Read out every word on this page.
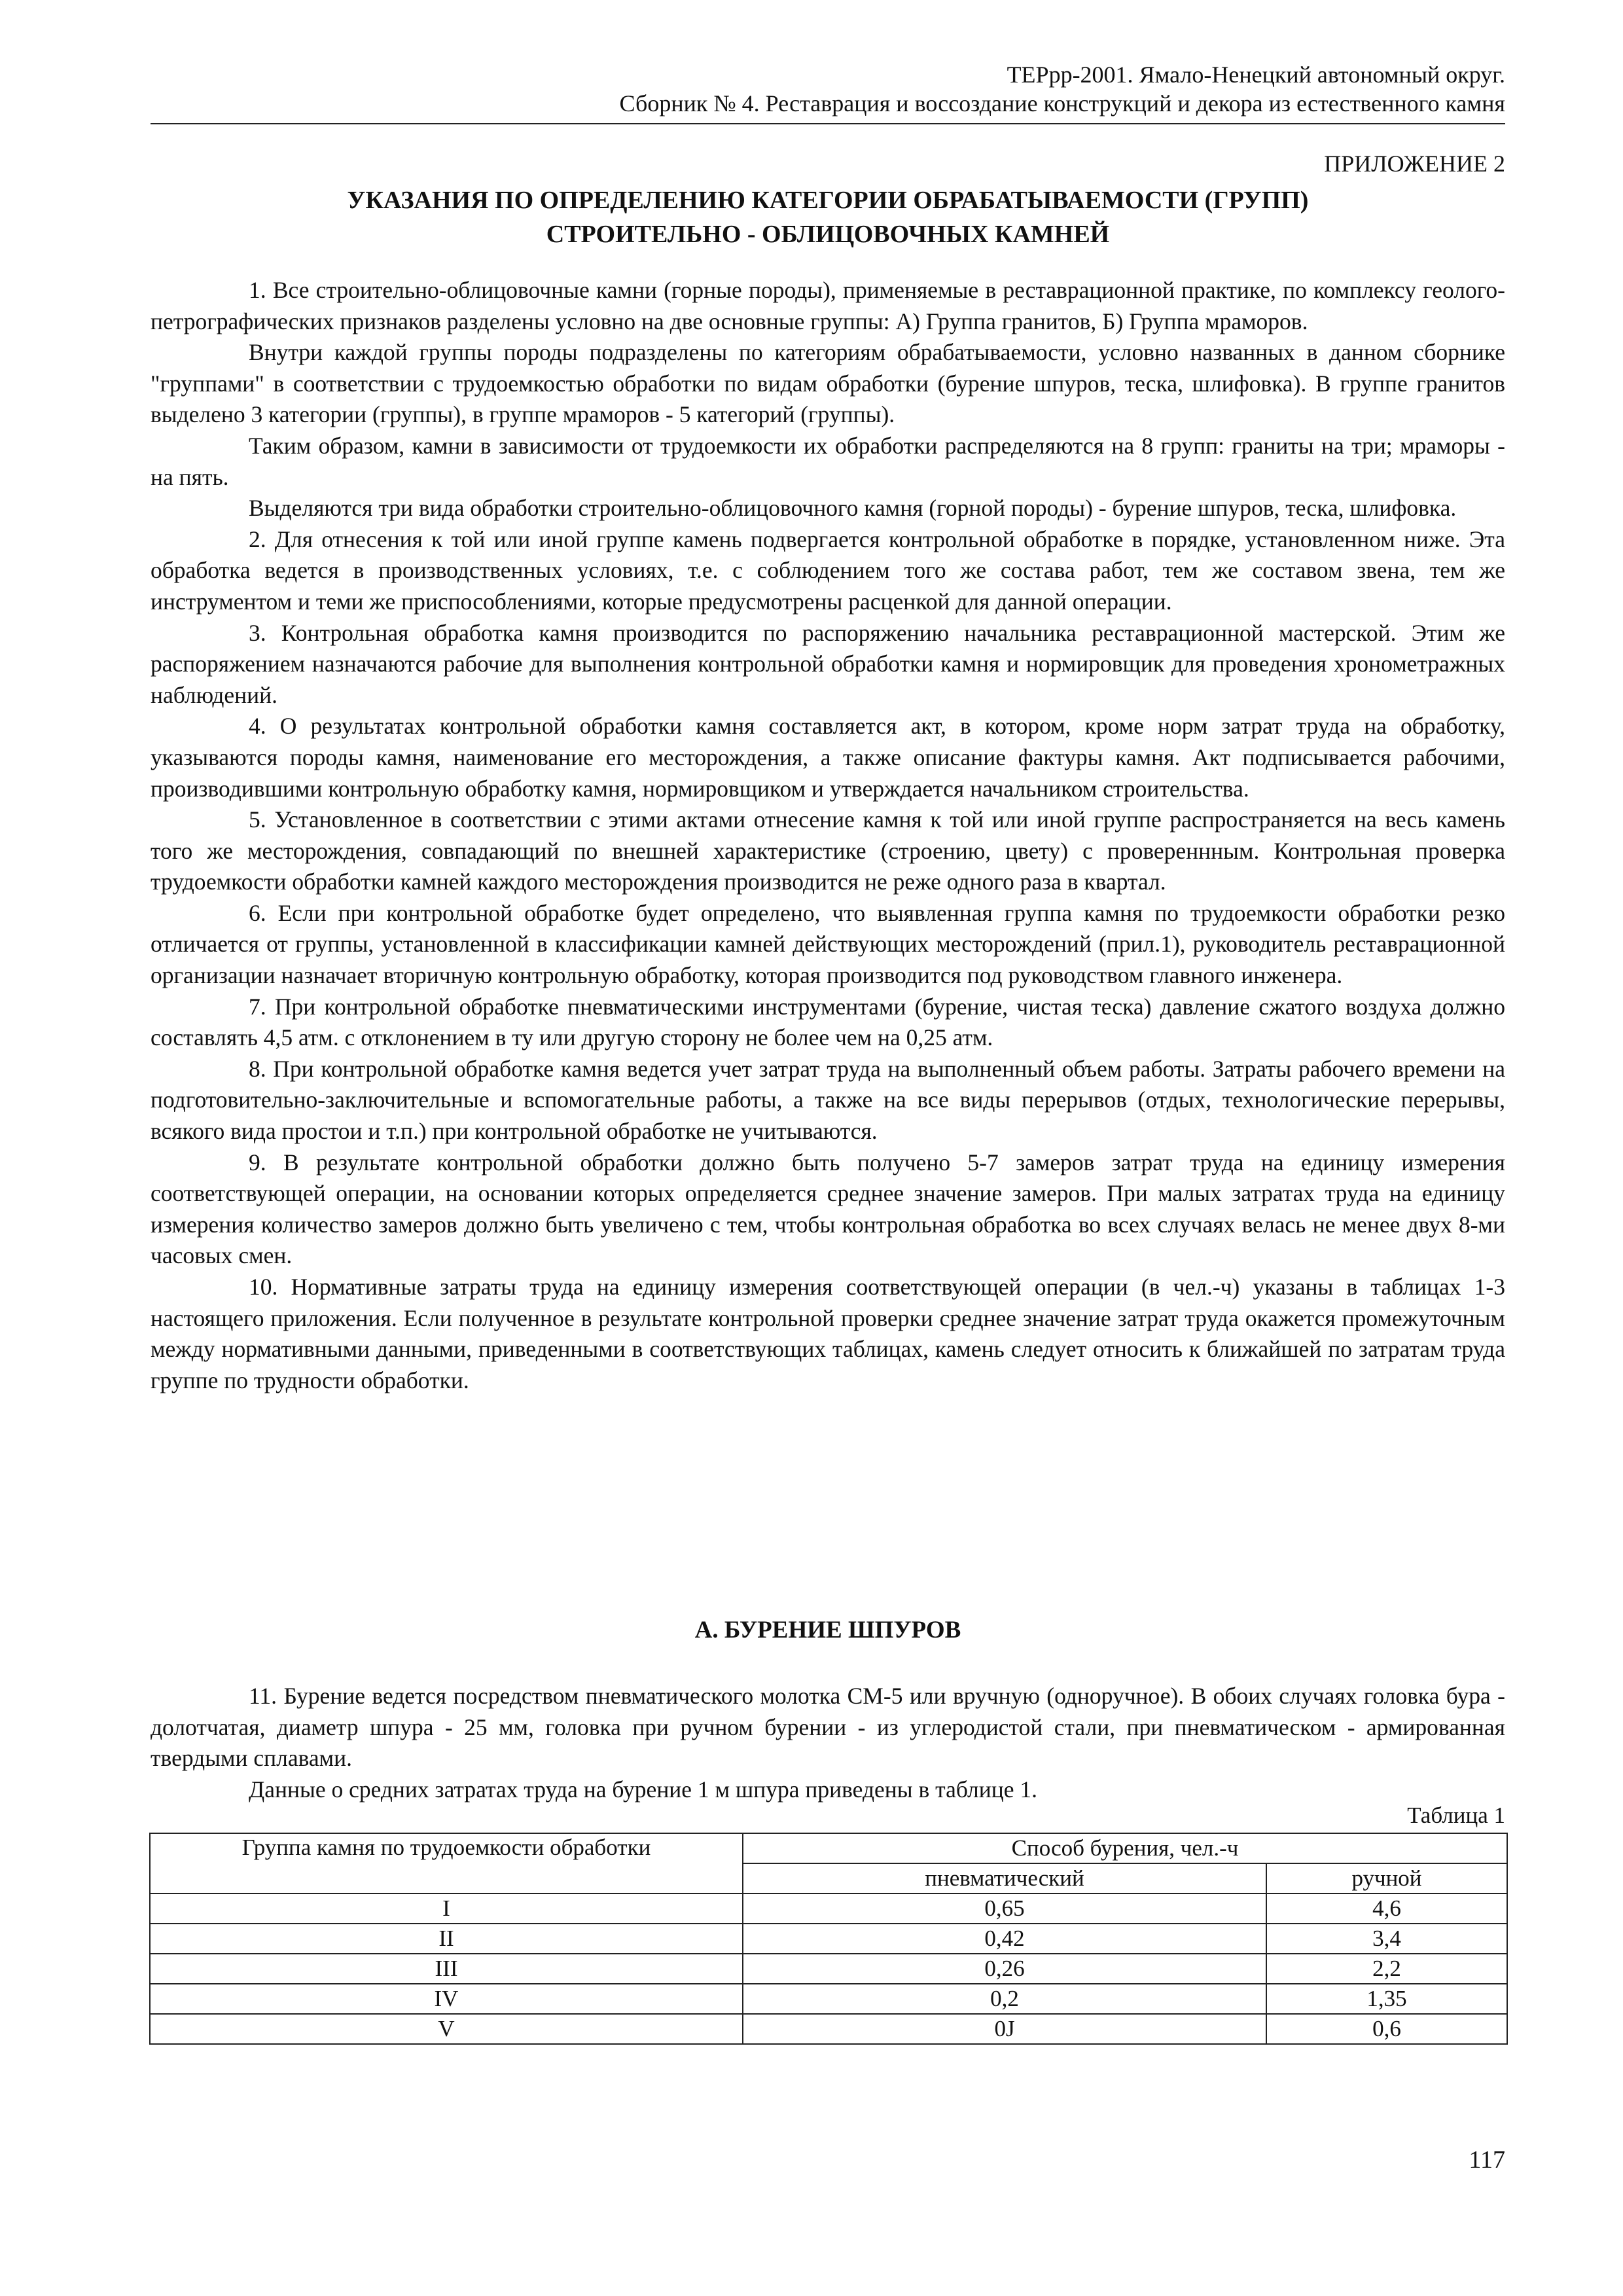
ТЕРрр-2001. Ямало-Ненецкий автономный округ.
Сборник № 4. Реставрация и воссоздание конструкций и декора из естественного камня
ПРИЛОЖЕНИЕ 2
УКАЗАНИЯ ПО ОПРЕДЕЛЕНИЮ КАТЕГОРИИ ОБРАБАТЫВАЕМОСТИ (ГРУПП)
СТРОИТЕЛЬНО - ОБЛИЦОВОЧНЫХ КАМНЕЙ

1. Все строительно-облицовочные камни (горные породы), применяемые в реставрационной практике, по комплексу геолого-петрографических признаков разделены условно на две основные группы: А) Группа гранитов, Б) Группа мраморов.

Внутри каждой группы породы подразделены по категориям обрабатываемости, условно названных в данном сборнике "группами" в соответствии с трудоемкостью обработки по видам обработки (бурение шпуров, теска, шлифовка). В группе гранитов выделено 3 категории (группы), в группе мраморов - 5 категорий (группы).

Таким образом, камни в зависимости от трудоемкости их обработки распределяются на 8 групп: граниты на три; мраморы - на пять.

Выделяются три вида обработки строительно-облицовочного камня (горной породы) - бурение шпуров, теска, шлифовка.

2. Для отнесения к той или иной группе камень подвергается контрольной обработке в порядке, установленном ниже. Эта обработка ведется в производственных условиях, т.е. с соблюдением того же состава работ, тем же составом звена, тем же инструментом и теми же приспособлениями, которые предусмотрены расценкой для данной операции.

3. Контрольная обработка камня производится по распоряжению начальника реставрационной мастерской. Этим же распоряжением назначаются рабочие для выполнения контрольной обработки камня и нормировщик для проведения хронометражных наблюдений.

4. О результатах контрольной обработки камня составляется акт, в котором, кроме норм затрат труда на обработку, указываются породы камня, наименование его месторождения, а также описание фактуры камня. Акт подписывается рабочими, производившими контрольную обработку камня, нормировщиком и утверждается начальником строительства.

5. Установленное в соответствии с этими актами отнесение камня к той или иной группе распространяется на весь камень того же месторождения, совпадающий по внешней характеристике (строению, цвету) с провереннным. Контрольная проверка трудоемкости обработки камней каждого месторождения производится не реже одного раза в квартал.

6. Если при контрольной обработке будет определено, что выявленная группа камня по трудоемкости обработки резко отличается от группы, установленной в классификации камней действующих месторождений (прил.1), руководитель реставрационной организации назначает вторичную контрольную обработку, которая производится под руководством главного инженера.

7. При контрольной обработке пневматическими инструментами (бурение, чистая теска) давление сжатого воздуха должно составлять 4,5 атм. с отклонением в ту или другую сторону не более чем на 0,25 атм.

8. При контрольной обработке камня ведется учет затрат труда на выполненный объем работы. Затраты рабочего времени на подготовительно-заключительные и вспомогательные работы, а также на все виды перерывов (отдых, технологические перерывы, всякого вида простои и т.п.) при контрольной обработке не учитываются.

9. В результате контрольной обработки должно быть получено 5-7 замеров затрат труда на единицу измерения соответствующей операции, на основании которых определяется среднее значение замеров. При малых затратах труда на единицу измерения количество замеров должно быть увеличено с тем, чтобы контрольная обработка во всех случаях велась не менее двух 8-ми часовых смен.

10. Нормативные затраты труда на единицу измерения соответствующей операции (в чел.-ч) указаны в таблицах 1-3 настоящего приложения. Если полученное в результате контрольной проверки среднее значение затрат труда окажется промежуточным между нормативными данными, приведенными в соответствующих таблицах, камень следует относить к ближайшей по затратам труда группе по трудности обработки.

А. БУРЕНИЕ ШПУРОВ

11. Бурение ведется посредством пневматического молотка СМ-5 или вручную (одноручное). В обоих случаях головка бура - долотчатая, диаметр шпура - 25 мм, головка при ручном бурении - из углеродистой стали, при пневматическом - армированная твердыми сплавами.

Данные о средних затратах труда на бурение 1 м шпура приведены в таблице 1.

Таблица 1
Группа камня по трудоемкости обработки	Способ бурения, чел.-ч	
	пневматический	ручной
I	0,65	4,6
II	0,42	3,4
III	0,26	2,2
IV	0,2	1,35
V	0J	0,6
117
